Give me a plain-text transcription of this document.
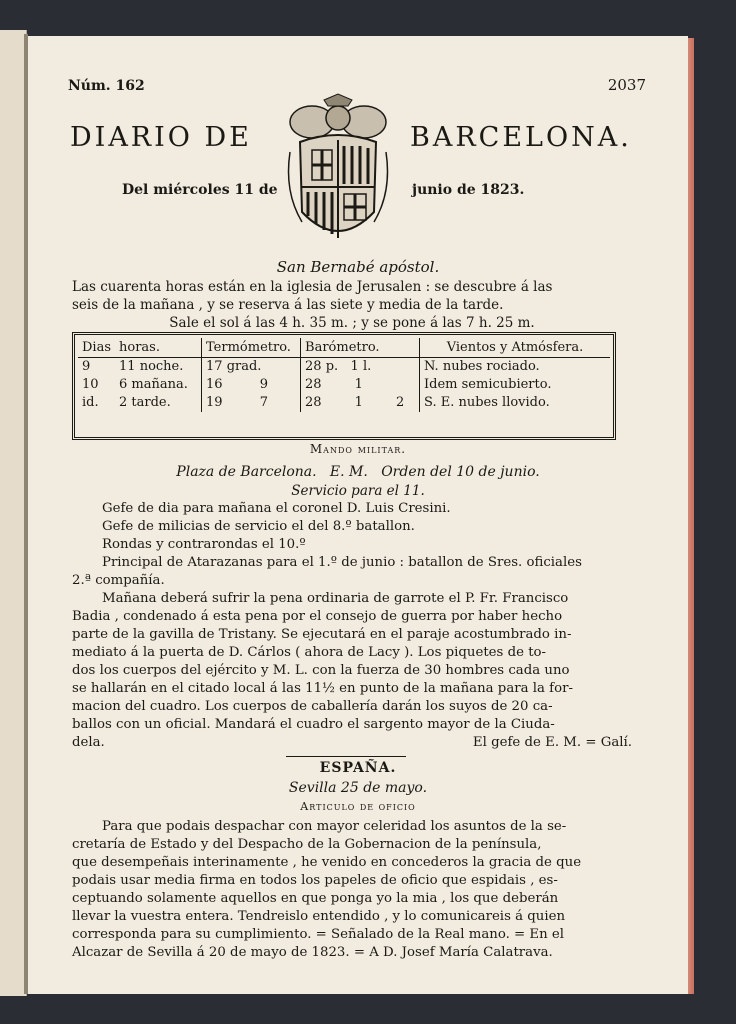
Núm. 162	2037
DIARIO DE	BARCELONA.
Del miércoles 11 de	junio de 1823.
San Bernabé apóstol.
Las cuarenta horas están en la iglesia de Jerusalen : se descubre á las
seis de la mañana , y se reserva á las siete y media de la tarde.
Sale el sol á las 4 h. 35 m. ; y se pone á las 7 h. 25 m.
Dias	horas.	Termómetro.	Barómetro.	Vientos y Atmósfera.
9	11 noche.	17 grad.	28 p.   1 l.	N. nubes rociado.
10	6 mañana.	16         9	28        1	Idem semicubierto.
id.	2 tarde.	19         7	28        1        2	S. E. nubes llovido.
Mando militar.
Plaza de Barcelona.   E. M.   Orden del 10 de junio.
Servicio para el 11.
Gefe de dia para mañana el coronel D. Luis Cresini.
Gefe de milicias de servicio el del 8.º batallon.
Rondas y contrarondas el 10.º
Principal de Atarazanas para el 1.º de junio : batallon de Sres. oficiales
2.ª compañía.
Mañana deberá sufrir la pena ordinaria de garrote el P. Fr. Francisco
Badia , condenado á esta pena por el consejo de guerra por haber hecho
parte de la gavilla de Tristany. Se ejecutará en el paraje acostumbrado in-
mediato á la puerta de D. Cárlos ( ahora de Lacy ). Los piquetes de to-
dos los cuerpos del ejército y M. L. con la fuerza de 30 hombres cada uno
se hallarán en el citado local á las 11½ en punto de la mañana para la for-
macion del cuadro. Los cuerpos de caballería darán los suyos de 20 ca-
ballos con un oficial. Mandará el cuadro el sargento mayor de la Ciuda-
dela.	El gefe de E. M. = Galí.
ESPAÑA.
Sevilla 25 de mayo.
Articulo de oficio
Para que podais despachar con mayor celeridad los asuntos de la se-
cretaría de Estado y del Despacho de la Gobernacion de la península,
que desempeñais interinamente , he venido en concederos la gracia de que
podais usar media firma en todos los papeles de oficio que espidais , es-
ceptuando solamente aquellos en que ponga yo la mia , los que deberán
llevar la vuestra entera. Tendreislo entendido , y lo comunicareis á quien
corresponda para su cumplimiento. = Señalado de la Real mano. = En el
Alcazar de Sevilla á 20 de mayo de 1823. = A D. Josef María Calatrava.
